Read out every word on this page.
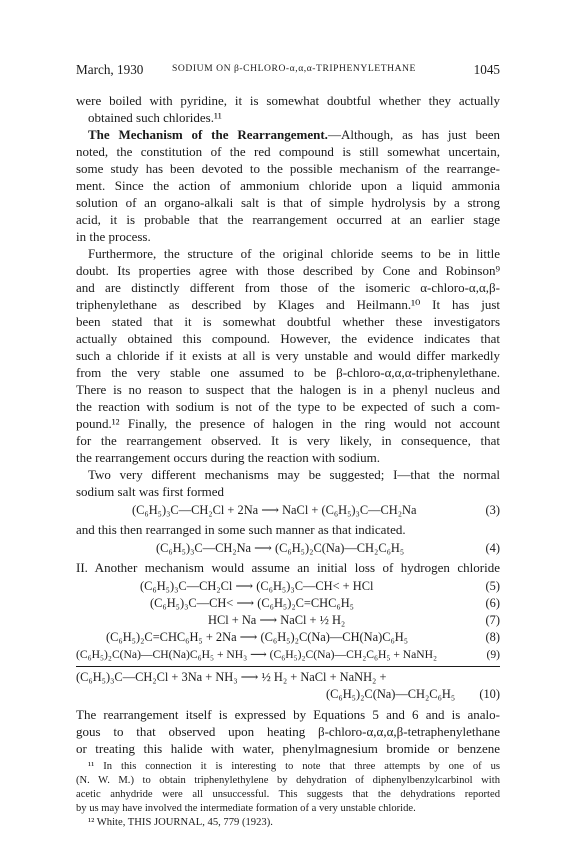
March, 1930	SODIUM ON β-CHLORO-α,α,α-TRIPHENYLETHANE	1045
were boiled with pyridine, it is somewhat doubtful whether they actually
obtained such chlorides.¹¹
The Mechanism of the Rearrangement.—Although, as has just been
noted, the constitution of the red compound is still somewhat uncertain,
some study has been devoted to the possible mechanism of the rearrange-
ment. Since the action of ammonium chloride upon a liquid ammonia
solution of an organo-alkali salt is that of simple hydrolysis by a strong
acid, it is probable that the rearrangement occurred at an earlier stage
in the process.
Furthermore, the structure of the original chloride seems to be in little
doubt. Its properties agree with those described by Cone and Robinson⁹
and are distinctly different from those of the isomeric α-chloro-α,α,β-
triphenylethane as described by Klages and Heilmann.¹⁰ It has just
been stated that it is somewhat doubtful whether these investigators
actually obtained this compound. However, the evidence indicates that
such a chloride if it exists at all is very unstable and would differ markedly
from the very stable one assumed to be β-chloro-α,α,α-triphenylethane.
There is no reason to suspect that the halogen is in a phenyl nucleus and
the reaction with sodium is not of the type to be expected of such a com-
pound.¹² Finally, the presence of halogen in the ring would not account
for the rearrangement observed. It is very likely, in consequence, that
the rearrangement occurs during the reaction with sodium.
Two very different mechanisms may be suggested; I—that the normal
sodium salt was first formed
(C₆H₅)₃C—CH₂Cl + 2Na ⟶ NaCl + (C₆H₅)₃C—CH₂Na	(3)
and this then rearranged in some such manner as that indicated.
(C₆H₅)₃C—CH₂Na ⟶ (C₆H₅)₂C(Na)—CH₂C₆H₅	(4)
II. Another mechanism would assume an initial loss of hydrogen chloride
(C₆H₅)₃C—CH₂Cl ⟶ (C₆H₅)₃C—CH< + HCl	(5)
(C₆H₅)₃C—CH< ⟶ (C₆H₅)₂C=CHC₆H₅	(6)
HCl + Na ⟶ NaCl + ½ H₂	(7)
(C₆H₅)₂C=CHC₆H₅ + 2Na ⟶ (C₆H₅)₂C(Na)—CH(Na)C₆H₅	(8)
(C₆H₅)₂C(Na)—CH(Na)C₆H₅ + NH₃ ⟶ (C₆H₅)₂C(Na)—CH₂C₆H₅ + NaNH₂	(9)
(C₆H₅)₃C—CH₂Cl + 3Na + NH₃ ⟶ ½ H₂ + NaCl + NaNH₂ +
(C₆H₅)₂C(Na)—CH₂C₆H₅ (10)
The rearrangement itself is expressed by Equations 5 and 6 and is analo-
gous to that observed upon heating β-chloro-α,α,α,β-tetraphenylethane
or treating this halide with water, phenylmagnesium bromide or benzene
¹¹ In this connection it is interesting to note that three attempts by one of us
(N. W. M.) to obtain triphenylethylene by dehydration of diphenylbenzylcarbinol with
acetic anhydride were all unsuccessful. This suggests that the dehydrations reported
by us may have involved the intermediate formation of a very unstable chloride.
¹² White, THIS JOURNAL, 45, 779 (1923).
